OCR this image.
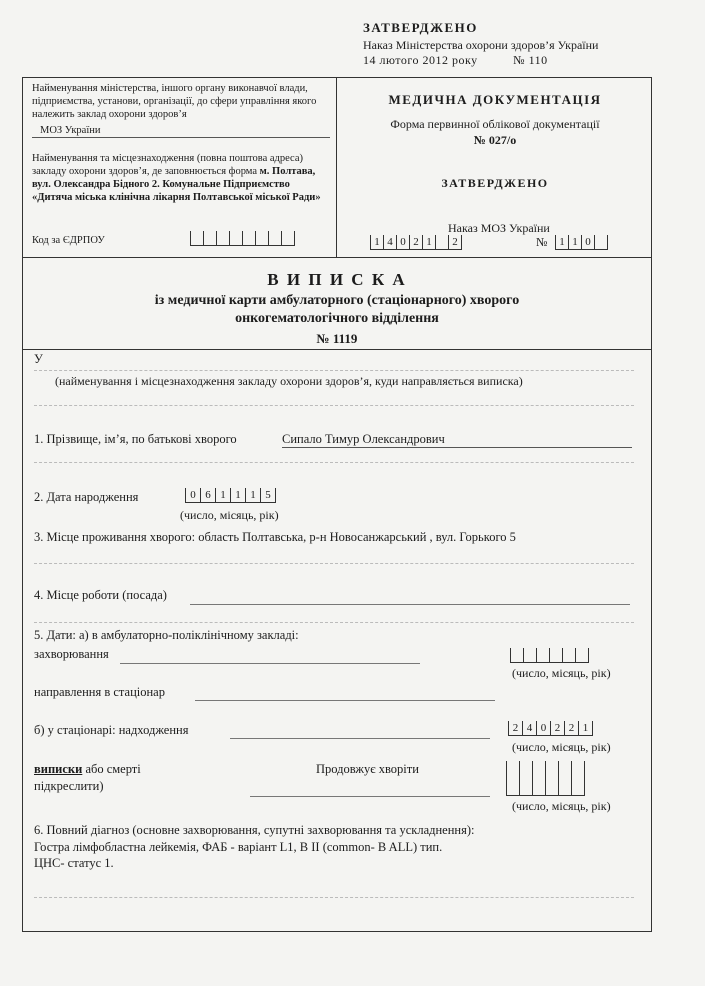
ЗАТВЕРДЖЕНО
Наказ Міністерства охорони здоров’я України
14 лютого 2012 року	№ 110
Найменування міністерства, іншого органу виконавчої влади, підприємства, установи, організації, до сфери управління якого належить заклад охорони здоров’я
МОЗ України
Найменування та місцезнаходження (повна поштова адреса) закладу охорони здоров’я, де заповнюється форма м. Полтава, вул. Олександра Бідного 2. Комунальне Підприємство «Дитяча міська клінічна лікарня Полтавської міської Ради»
Код за ЄДРПОУ
МЕДИЧНА ДОКУМЕНТАЦІЯ
Форма первинної облікової документації
№ 027/о
ЗАТВЕРДЖЕНО
Наказ МОЗ України
1 4 0 2 1	2	№	1 1 0
В И П И С К А
із медичної карти амбулаторного (стаціонарного) хворого
онкогематологічного відділення
№ 1119
У
(найменування і місцезнаходження закладу охорони здоров’я, куди направляється виписка)
1. Прізвище, ім’я, по батькові хворого	Сипало Тимур Олександрович
2. Дата народження	0 6 1 1 1 5
(число, місяць, рік)
3. Місце проживання хворого: область Полтавська, р-н Новосанжарський , вул. Горького 5
4. Місце роботи (посада)
5. Дати: а) в амбулаторно-поліклінічному закладі:
захворювання
(число, місяць, рік)
направлення в стаціонар
б) у стаціонарі: надходження	2 4 0 2 2 1
(число, місяць, рік)
виписки або смерті
підкреслити)
Продовжує хворіти
(число, місяць, рік)
6. Повний діагноз (основне захворювання, супутні захворювання та ускладнення):
Гостра лімфобластна лейкемія, ФАБ - варіант L1, B II (common- B ALL) тип.
ЦНС- статус 1.
